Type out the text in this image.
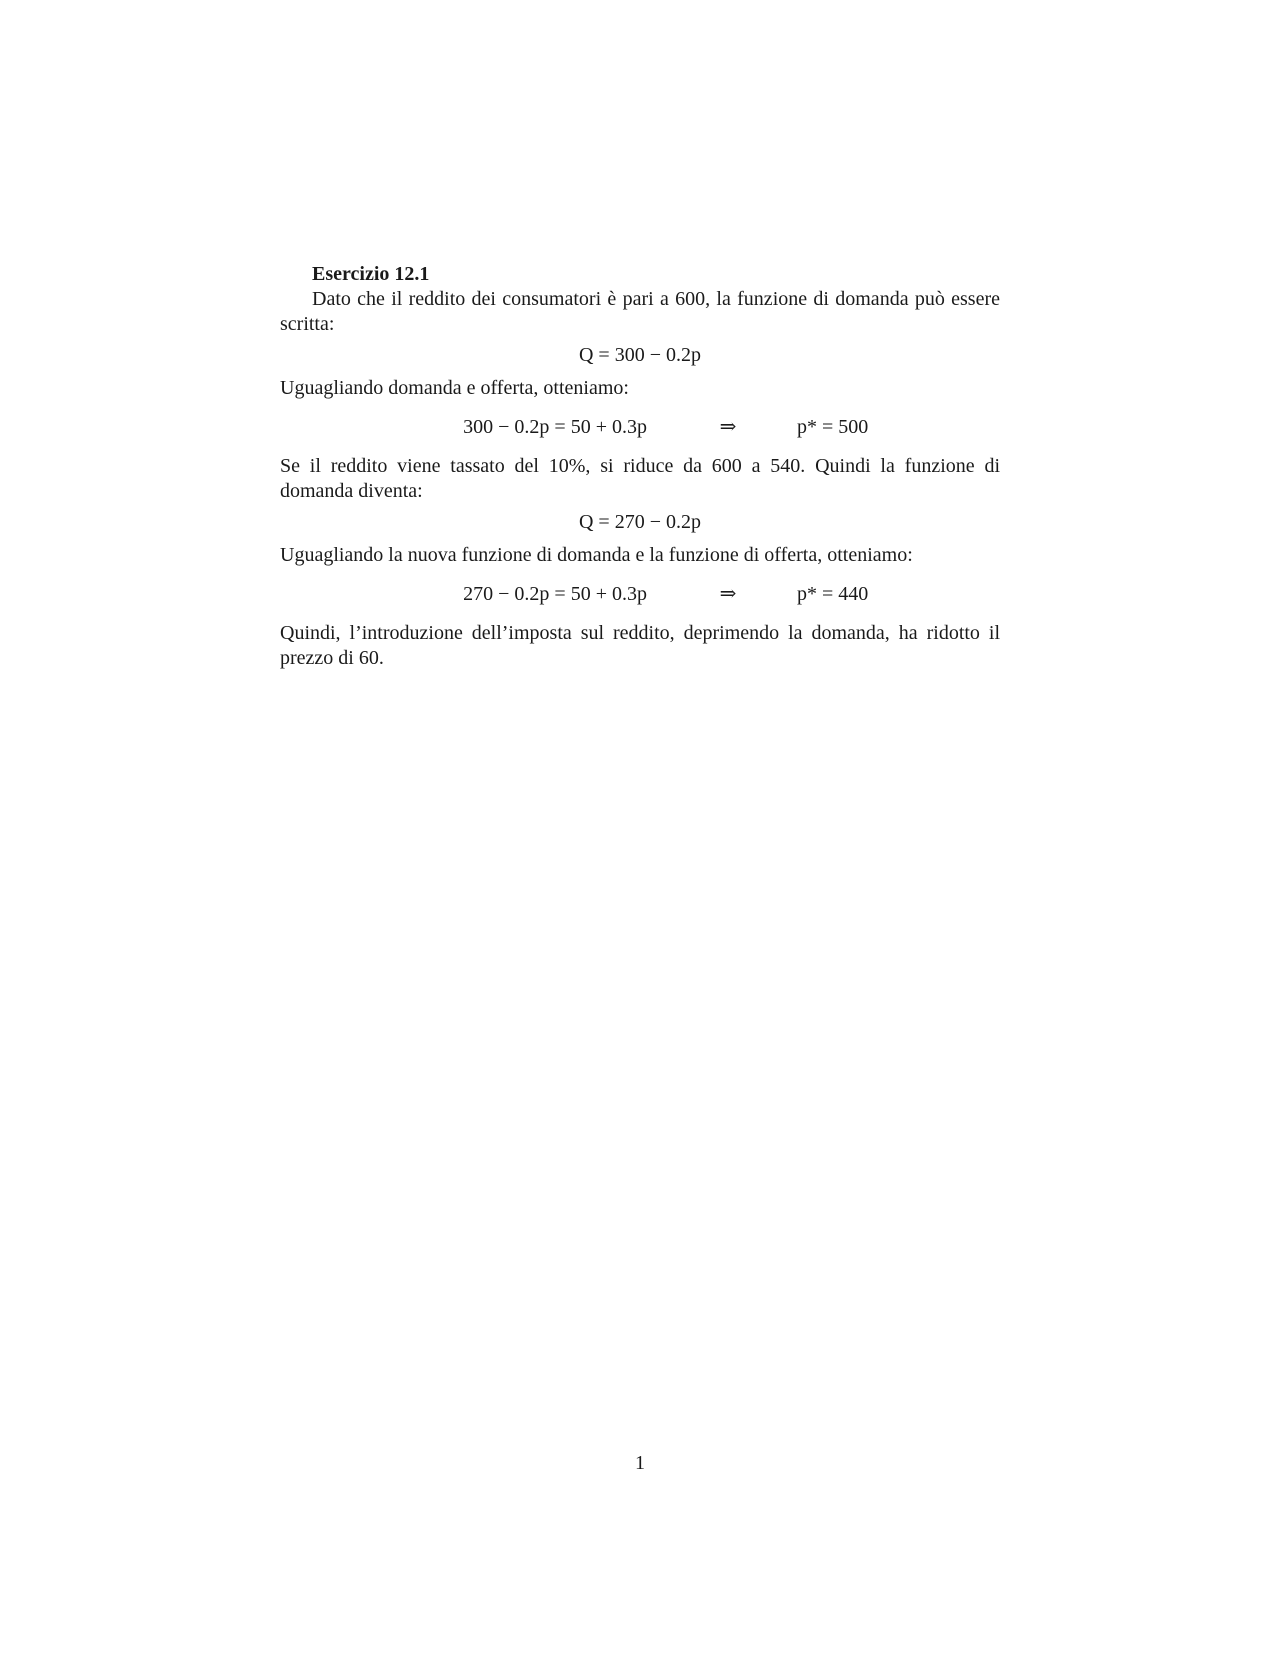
Esercizio 12.1

Dato che il reddito dei consumatori è pari a 600, la funzione di domanda può essere scritta:

Q = 300 − 0.2p

Uguagliando domanda e offerta, otteniamo:

300 − 0.2p = 50 + 0.3p	⇒	p* = 500

Se il reddito viene tassato del 10%, si riduce da 600 a 540. Quindi la funzione di domanda diventa:

Q = 270 − 0.2p

Uguagliando la nuova funzione di domanda e la funzione di offerta, otteniamo:

270 − 0.2p = 50 + 0.3p	⇒	p* = 440

Quindi, l’introduzione dell’imposta sul reddito, deprimendo la domanda, ha ridotto il prezzo di 60.

1
